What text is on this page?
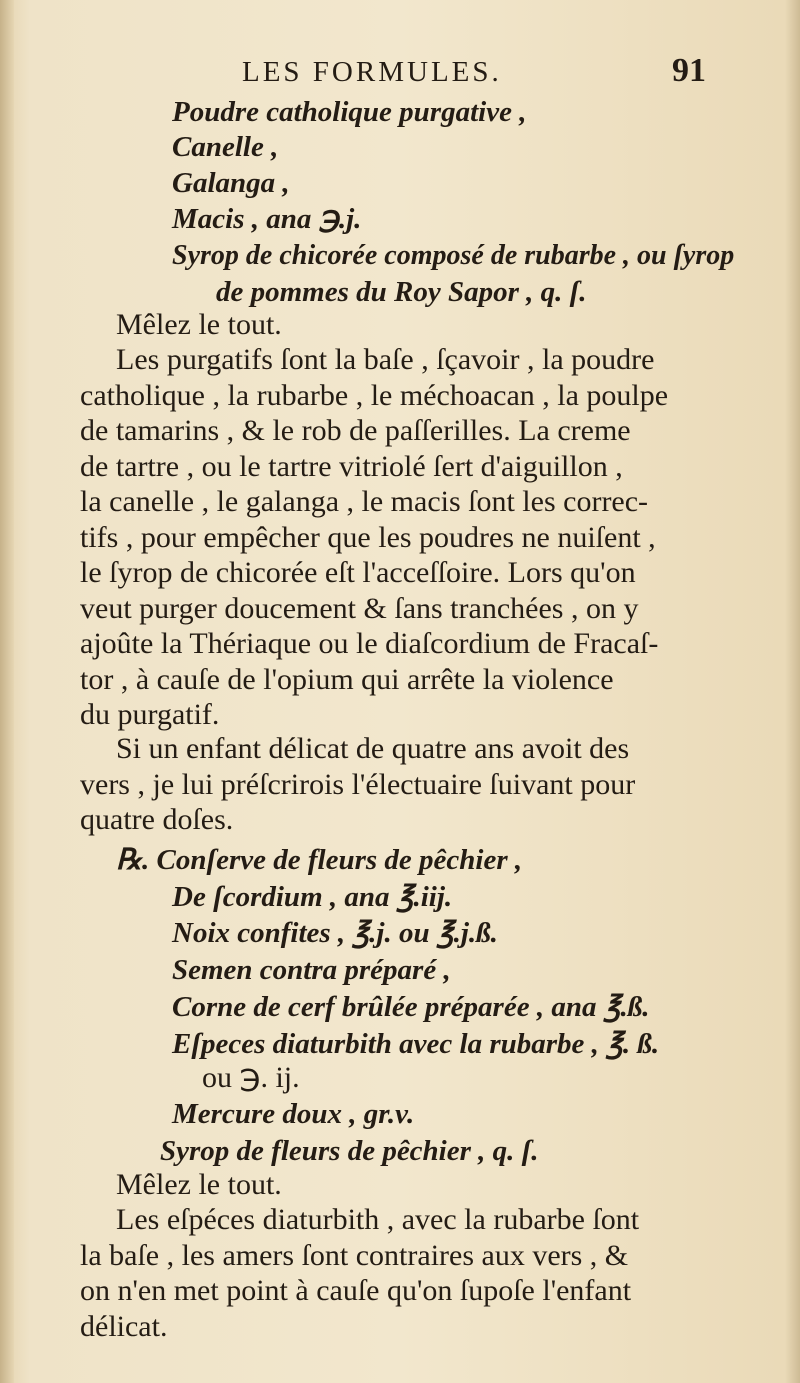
LES FORMULES.	91
Poudre catholique purgative ,
Canelle ,
Galanga ,
Macis , ana ℈.j.
Syrop de chicorée composé de rubarbe , ou ſyrop
de pommes du Roy Sapor , q. ſ.
Mêlez le tout.
Les purgatifs ſont la baſe , ſçavoir , la poudre
catholique , la rubarbe , le méchoacan , la poulpe
de tamarins , & le rob de paſſerilles. La creme
de tartre , ou le tartre vitriolé ſert d'aiguillon ,
la canelle , le galanga , le macis ſont les correc-
tifs , pour empêcher que les poudres ne nuiſent ,
le ſyrop de chicorée eſt l'acceſſoire. Lors qu'on
veut purger doucement & ſans tranchées , on y
ajoûte la Thériaque ou le diaſcordium de Fracaſ-
tor , à cauſe de l'opium qui arrête la violence
du purgatif.
Si un enfant délicat de quatre ans avoit des
vers , je lui préſcrirois l'électuaire ſuivant pour
quatre doſes.
℞. Conſerve de fleurs de pêchier ,
De ſcordium , ana ℥.iij.
Noix confites , ℥.j. ou ℥.j.ß.
Semen contra préparé ,
Corne de cerf brûlée préparée , ana ℥.ß.
Eſpeces diaturbith avec la rubarbe , ℥. ß.
ou ℈. ij.
Mercure doux , gr.v.
Syrop de fleurs de pêchier , q. ſ.
Mêlez le tout.
Les eſpéces diaturbith , avec la rubarbe ſont
la baſe , les amers ſont contraires aux vers , &
on n'en met point à cauſe qu'on ſupoſe l'enfant
délicat.
